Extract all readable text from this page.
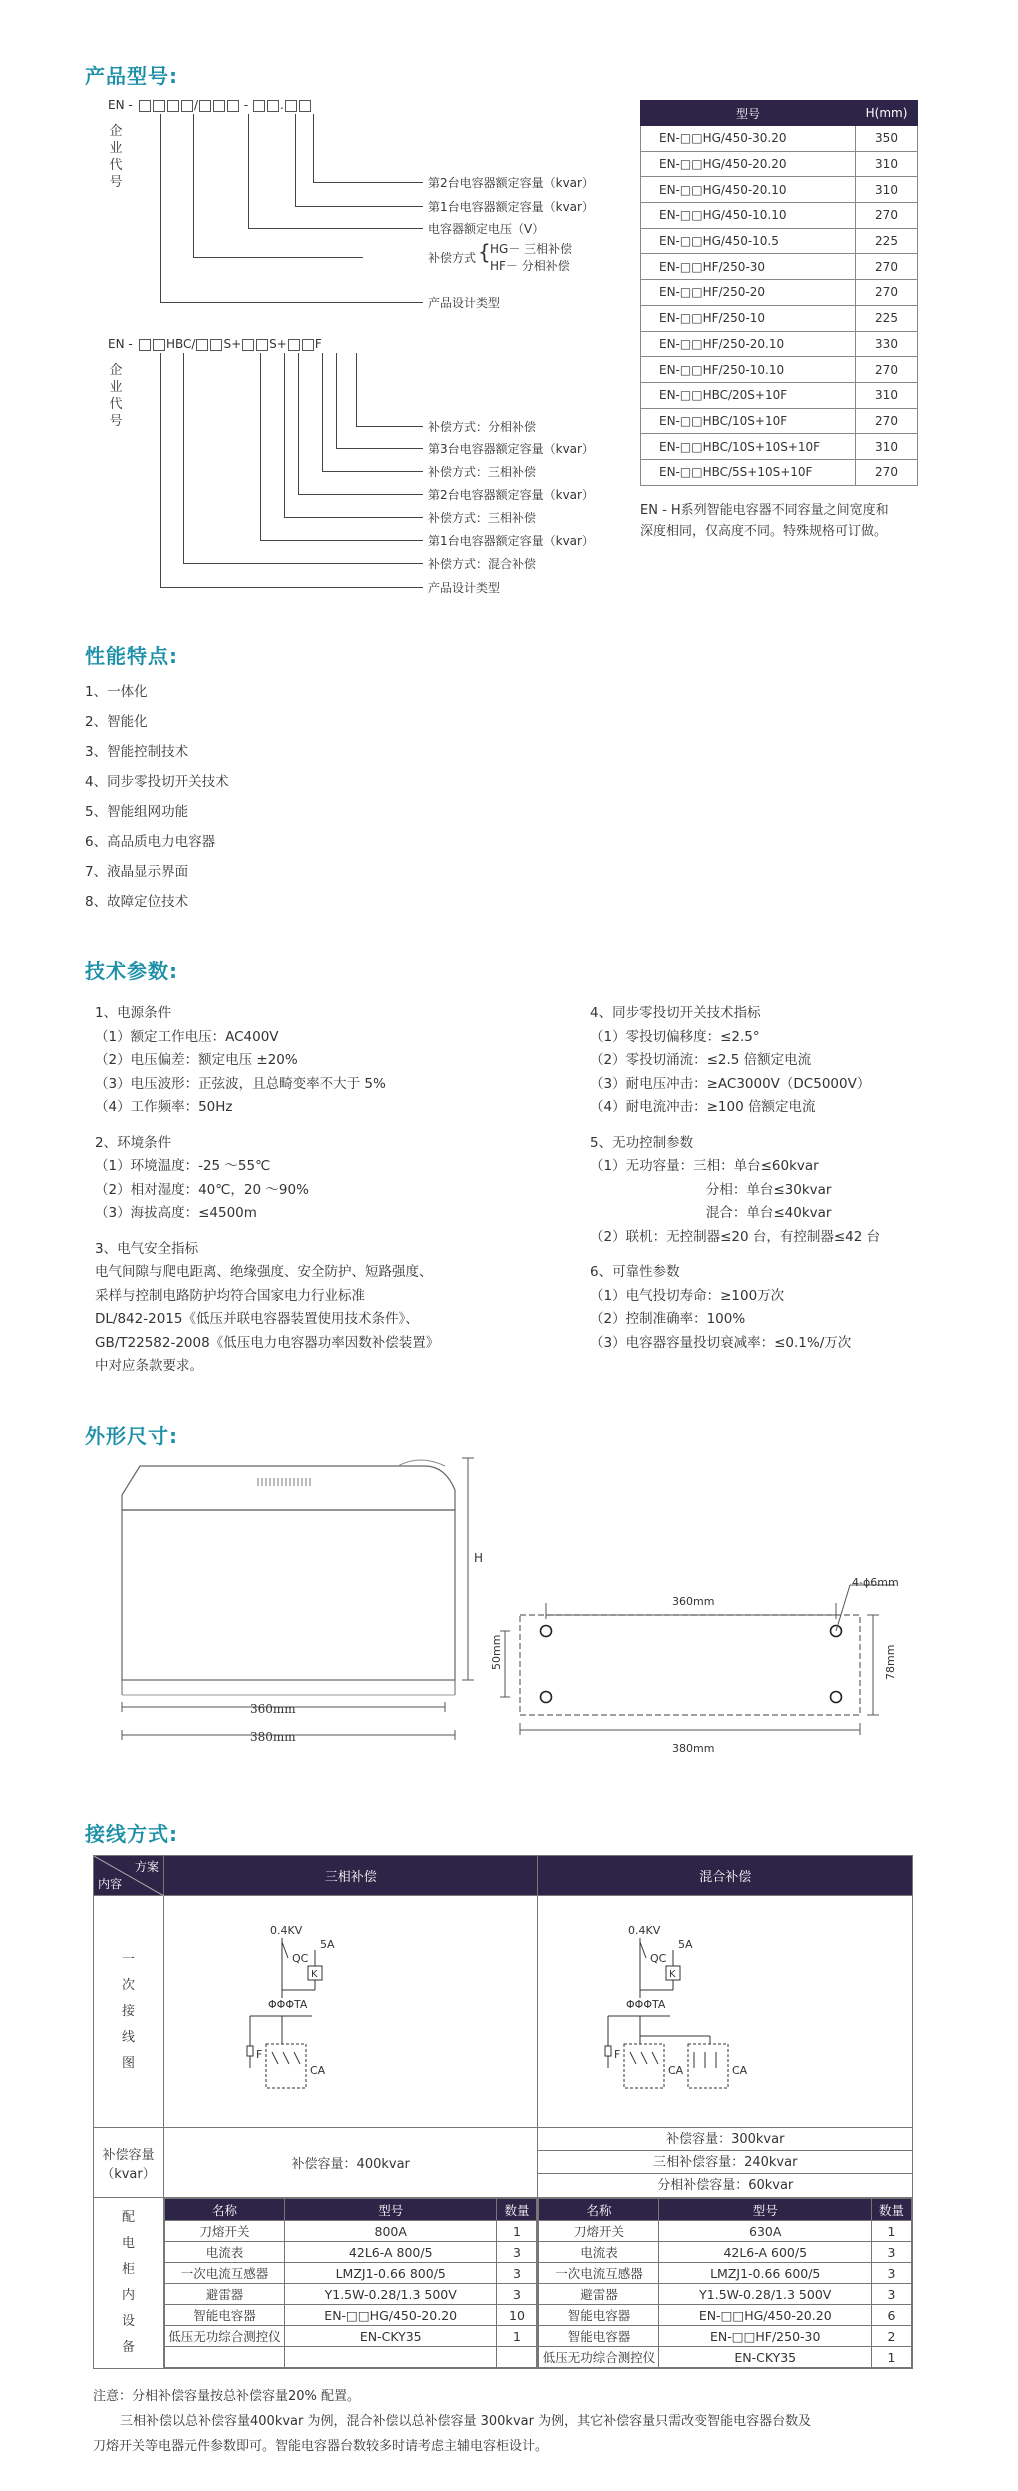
产品型号:
EN -	/	- .
企
业
代
号	第2台电容器额定容量（kvar）
第1台电容器额定容量（kvar）
电容器额定电压（V）
补偿方式 { HG－ 三相补偿
HF－ 分相补偿
产品设计类型
EN -	HBC/ S+ S+ F
企
业
代
号	补偿方式：分相补偿
第3台电容器额定容量（kvar）
补偿方式：三相补偿
第2台电容器额定容量（kvar）
补偿方式：三相补偿
第1台电容器额定容量（kvar）
补偿方式：混合补偿
产品设计类型
型号	H(mm)
EN-□□HG/450-30.20	350
EN-□□HG/450-20.20	310
EN-□□HG/450-20.10	310
EN-□□HG/450-10.10	270
EN-□□HG/450-10.5	225
EN-□□HF/250-30	270
EN-□□HF/250-20	270
EN-□□HF/250-10	225
EN-□□HF/250-20.10	330
EN-□□HF/250-10.10	270
EN-□□HBC/20S+10F	310
EN-□□HBC/10S+10F	270
EN-□□HBC/10S+10S+10F	310
EN-□□HBC/5S+10S+10F	270
EN - H系列智能电容器不同容量之间宽度和
深度相同，仅高度不同。特殊规格可订做。
性能特点:
1、一体化
2、智能化
3、智能控制技术
4、同步零投切开关技术
5、智能组网功能
6、高品质电力电容器
7、液晶显示界面
8、故障定位技术
技术参数:
1、电源条件
（1）额定工作电压：AC400V
（2）电压偏差：额定电压 ±20%
（3）电压波形：正弦波，且总畸变率不大于 5%
（4）工作频率：50Hz
2、环境条件
（1）环境温度：-25 ～55℃
（2）相对湿度：40℃，20 ～90%
（3）海拔高度：≤4500m
3、电气安全指标
电气间隙与爬电距离、绝缘强度、安全防护、短路强度、
采样与控制电路防护均符合国家电力行业标准
DL/842-2015《低压并联电容器装置使用技术条件》、
GB/T22582-2008《低压电力电容器功率因数补偿装置》
中对应条款要求。
4、同步零投切开关技术指标
（1）零投切偏移度：≤2.5°
（2）零投切涌流：≤2.5 倍额定电流
（3）耐电压冲击：≥AC3000V（DC5000V）
（4）耐电流冲击：≥100 倍额定电流
5、无功控制参数
（1）无功容量：三相：单台≤60kvar
分相：单台≤30kvar
混合：单台≤40kvar
（2）联机：无控制器≤20 台，有控制器≤42 台
6、可靠性参数
（1）电气投切寿命：≥100万次
（2）控制准确率：100%
（3）电容器容量投切衰减率：≤0.1%/万次
外形尺寸:
H
360mm
380mm
360mm
380mm
4-ϕ6mm
50mm	78mm
接线方式:
方案
内容	三相补偿	混合补偿
一
次
接
线
图	
0.4KV
5A
QC
K
ΦΦΦTA
F
CA

0.4KV
5A
QC
K
ΦΦΦTA
F
CA	CA

补偿容量
（kvar）
	补偿容量：400kvar	
补偿容量：300kvar
三相补偿容量：240kvar
分相补偿容量：60kvar

配
电
柜
内
设
备	
名称	型号	数量
刀熔开关	800A	1
电流表	42L6-A 800/5	3
一次电流互感器	LMZJ1-0.66 800/5	3
避雷器	Y1.5W-0.28/1.3 500V	3
智能电容器	EN-□□HG/450-20.20	10
低压无功综合测控仪	EN-CKY35	1

名称	型号	数量
刀熔开关	630A	1
电流表	42L6-A 600/5	3
一次电流互感器	LMZJ1-0.66 600/5	3
避雷器	Y1.5W-0.28/1.3 500V	3
智能电容器	EN-□□HG/450-20.20	6
智能电容器	EN-□□HF/250-30	2
低压无功综合测控仪	EN-CKY35	1
注意：分相补偿容量按总补偿容量20% 配置。
三相补偿以总补偿容量400kvar 为例，混合补偿以总补偿容量 300kvar 为例，其它补偿容量只需改变智能电容器台数及
刀熔开关等电器元件参数即可。智能电容器台数较多时请考虑主辅电容柜设计。
